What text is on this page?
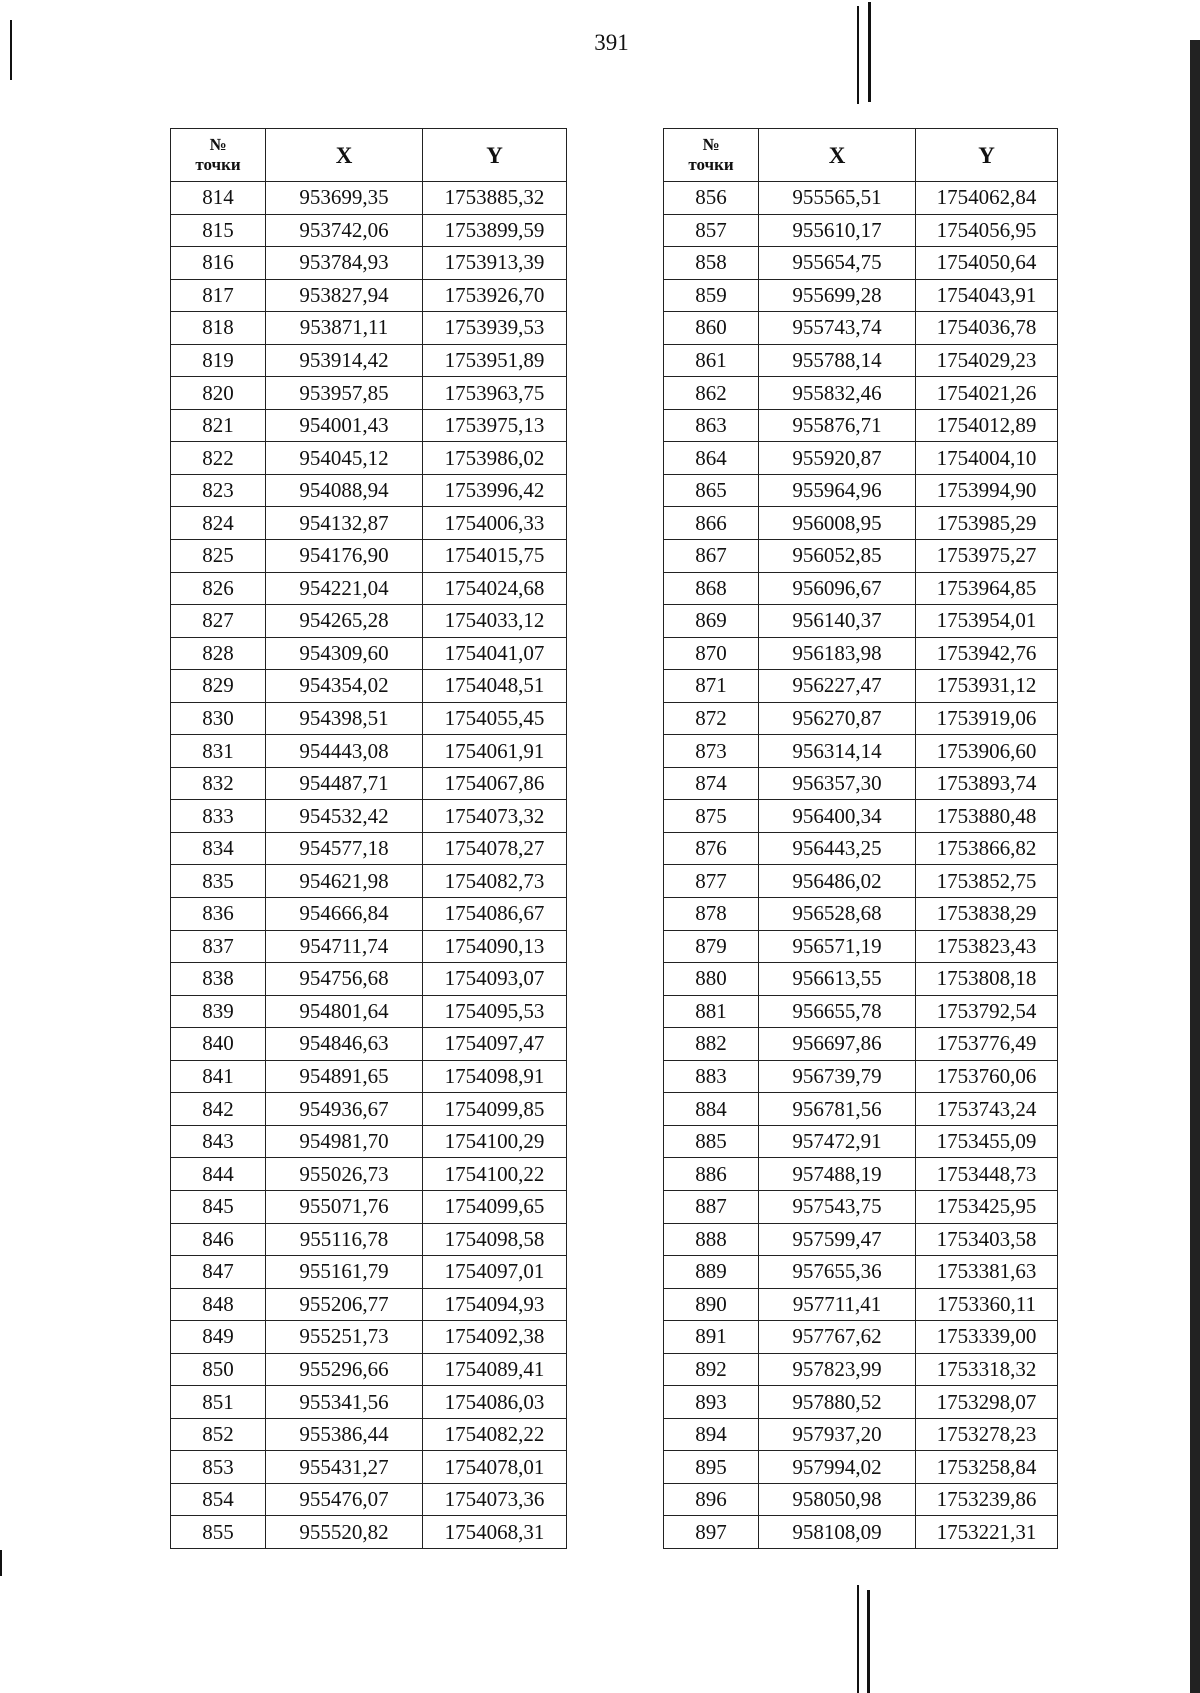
391
№
точки	X	Y
814	953699,35	1753885,32
815	953742,06	1753899,59
816	953784,93	1753913,39
817	953827,94	1753926,70
818	953871,11	1753939,53
819	953914,42	1753951,89
820	953957,85	1753963,75
821	954001,43	1753975,13
822	954045,12	1753986,02
823	954088,94	1753996,42
824	954132,87	1754006,33
825	954176,90	1754015,75
826	954221,04	1754024,68
827	954265,28	1754033,12
828	954309,60	1754041,07
829	954354,02	1754048,51
830	954398,51	1754055,45
831	954443,08	1754061,91
832	954487,71	1754067,86
833	954532,42	1754073,32
834	954577,18	1754078,27
835	954621,98	1754082,73
836	954666,84	1754086,67
837	954711,74	1754090,13
838	954756,68	1754093,07
839	954801,64	1754095,53
840	954846,63	1754097,47
841	954891,65	1754098,91
842	954936,67	1754099,85
843	954981,70	1754100,29
844	955026,73	1754100,22
845	955071,76	1754099,65
846	955116,78	1754098,58
847	955161,79	1754097,01
848	955206,77	1754094,93
849	955251,73	1754092,38
850	955296,66	1754089,41
851	955341,56	1754086,03
852	955386,44	1754082,22
853	955431,27	1754078,01
854	955476,07	1754073,36
855	955520,82	1754068,31
№
точки	X	Y
856	955565,51	1754062,84
857	955610,17	1754056,95
858	955654,75	1754050,64
859	955699,28	1754043,91
860	955743,74	1754036,78
861	955788,14	1754029,23
862	955832,46	1754021,26
863	955876,71	1754012,89
864	955920,87	1754004,10
865	955964,96	1753994,90
866	956008,95	1753985,29
867	956052,85	1753975,27
868	956096,67	1753964,85
869	956140,37	1753954,01
870	956183,98	1753942,76
871	956227,47	1753931,12
872	956270,87	1753919,06
873	956314,14	1753906,60
874	956357,30	1753893,74
875	956400,34	1753880,48
876	956443,25	1753866,82
877	956486,02	1753852,75
878	956528,68	1753838,29
879	956571,19	1753823,43
880	956613,55	1753808,18
881	956655,78	1753792,54
882	956697,86	1753776,49
883	956739,79	1753760,06
884	956781,56	1753743,24
885	957472,91	1753455,09
886	957488,19	1753448,73
887	957543,75	1753425,95
888	957599,47	1753403,58
889	957655,36	1753381,63
890	957711,41	1753360,11
891	957767,62	1753339,00
892	957823,99	1753318,32
893	957880,52	1753298,07
894	957937,20	1753278,23
895	957994,02	1753258,84
896	958050,98	1753239,86
897	958108,09	1753221,31
